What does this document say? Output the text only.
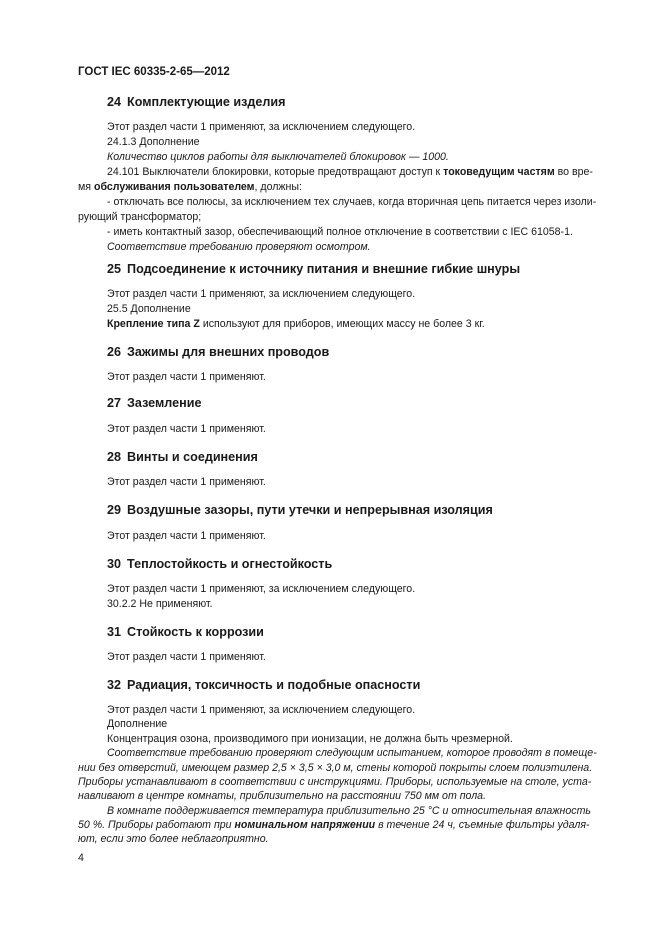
ГОСТ IEC 60335-2-65—2012
24 Комплектующие изделия
Этот раздел части 1 применяют, за исключением следующего.
24.1.3 Дополнение
Количество циклов работы для выключателей блокировок — 1000.
24.101 Выключатели блокировки, которые предотвращают доступ к токоведущим частям во вре-
мя обслуживания пользователем, должны:
- отключать все полюсы, за исключением тех случаев, когда вторичная цепь питается через изоли-
рующий трансформатор;
- иметь контактный зазор, обеспечивающий полное отключение в соответствии с IEC 61058-1.
Соответствие требованию проверяют осмотром.
25 Подсоединение к источнику питания и внешние гибкие шнуры
Этот раздел части 1 применяют, за исключением следующего.
25.5 Дополнение
Крепление типа Z используют для приборов, имеющих массу не более 3 кг.
26 Зажимы для внешних проводов
Этот раздел части 1 применяют.
27 Заземление
Этот раздел части 1 применяют.
28 Винты и соединения
Этот раздел части 1 применяют.
29 Воздушные зазоры, пути утечки и непрерывная изоляция
Этот раздел части 1 применяют.
30 Теплостойкость и огнестойкость
Этот раздел части 1 применяют, за исключением следующего.
30.2.2 Не применяют.
31 Стойкость к коррозии
Этот раздел части 1 применяют.
32 Радиация, токсичность и подобные опасности
Этот раздел части 1 применяют, за исключением следующего.
Дополнение
Концентрация озона, производимого при ионизации, не должна быть чрезмерной.
Соответствие требованию проверяют следующим испытанием, которое проводят в помеще-
нии без отверстий, имеющем размер 2,5 × 3,5 × 3,0 м, стены которой покрыты слоем полиэтилена.
Приборы устанавливают в соответствии с инструкциями. Приборы, используемые на столе, уста-
навливают в центре комнаты, приблизительно на расстоянии 750 мм от пола.
В комнате поддерживается температура приблизительно 25 °С и относительная влажность
50 %. Приборы работают при номинальном напряжении в течение 24 ч, съемные фильтры удаля-
ют, если это более неблагоприятно.
4
